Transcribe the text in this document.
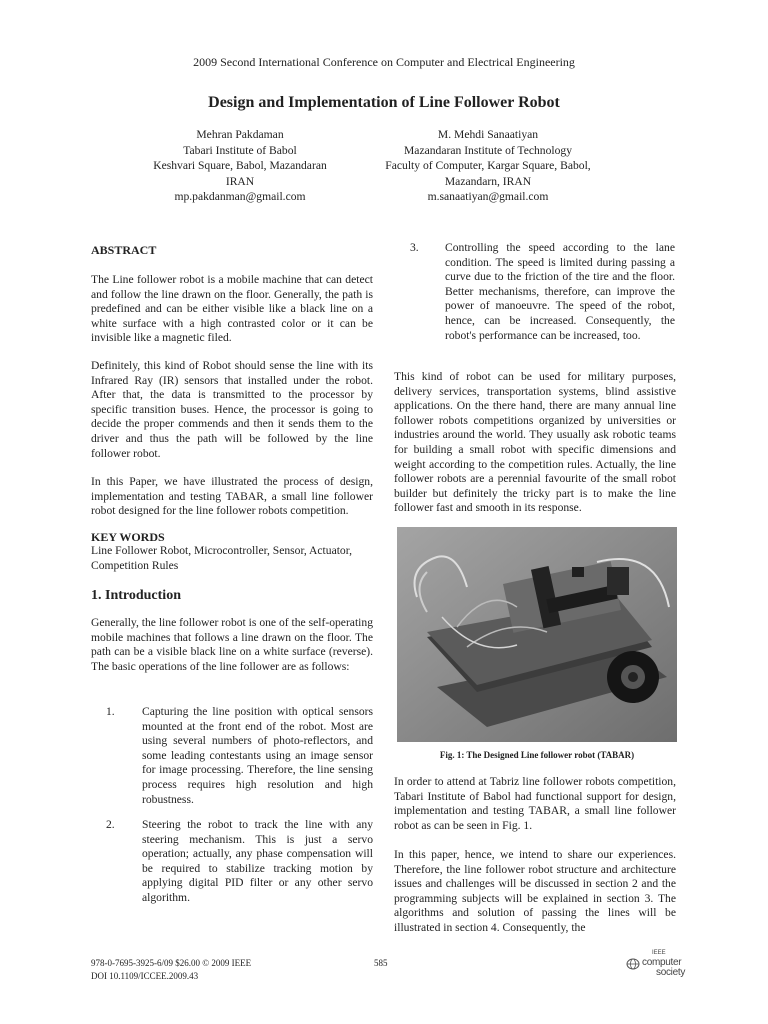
2009 Second International Conference on Computer and Electrical Engineering
Design and Implementation of Line Follower Robot
Mehran Pakdaman
Tabari Institute of Babol
Keshvari Square, Babol, Mazandaran
IRAN
mp.pakdanman@gmail.com
M. Mehdi Sanaatiyan
Mazandaran Institute of Technology
Faculty of Computer, Kargar Square, Babol,
Mazandarn, IRAN
m.sanaatiyan@gmail.com
ABSTRACT
The Line follower robot is a mobile machine that can detect and follow the line drawn on the floor. Generally, the path is predefined and can be either visible like a black line on a white surface with a high contrasted color or it can be invisible like a magnetic filed.
Definitely, this kind of Robot should sense the line with its Infrared Ray (IR) sensors that installed under the robot. After that, the data is transmitted to the processor by specific transition buses. Hence, the processor is going to decide the proper commends and then it sends them to the driver and thus the path will be followed by the line follower robot.
In this Paper, we have illustrated the process of design, implementation and testing TABAR, a small line follower robot designed for the line follower robots competition.
KEY WORDS
Line Follower Robot, Microcontroller, Sensor, Actuator, Competition Rules
1. Introduction
Generally, the line follower robot is one of the self-operating mobile machines that follows a line drawn on the floor. The path can be a visible black line on a white surface (reverse). The basic operations of the line follower are as follows:
1.	Capturing the line position with optical sensors mounted at the front end of the robot. Most are using several numbers of photo-reflectors, and some leading contestants using an image sensor for image processing. Therefore, the line sensing process requires high resolution and high robustness.
2.	Steering the robot to track the line with any steering mechanism. This is just a servo operation; actually, any phase compensation will be required to stabilize tracking motion by applying digital PID filter or any other servo algorithm.
3.	Controlling the speed according to the lane condition. The speed is limited during passing a curve due to the friction of the tire and the floor. Better mechanisms, therefore, can improve the power of manoeuvre. The speed of the robot, hence, can be increased. Consequently, the robot's performance can be increased, too.
This kind of robot can be used for military purposes, delivery services, transportation systems, blind assistive applications. On the there hand, there are many annual line follower robots competitions organized by universities or industries around the world. They usually ask robotic teams for building a small robot with specific dimensions and weight according to the competition rules. Actually, the line follower robots are a perennial favourite of the small robot builder but definitely the tricky part is to make the line follower fast and smooth in its response.
Fig. 1: The Designed Line follower robot (TABAR)
In order to attend at Tabriz line follower robots competition, Tabari Institute of Babol had functional support for design, implementation and testing TABAR, a small line follower robot as can be seen in Fig. 1.
In this paper, hence, we intend to share our experiences. Therefore, the line follower robot structure and architecture issues and challenges will be discussed in section 2 and the programming subjects will be explained in section 3. The algorithms and solution of passing the lines will be illustrated in section 4. Consequently, the
978-0-7695-3925-6/09 $26.00 © 2009 IEEE
DOI 10.1109/ICCEE.2009.43
585
IEEE
computer
society
